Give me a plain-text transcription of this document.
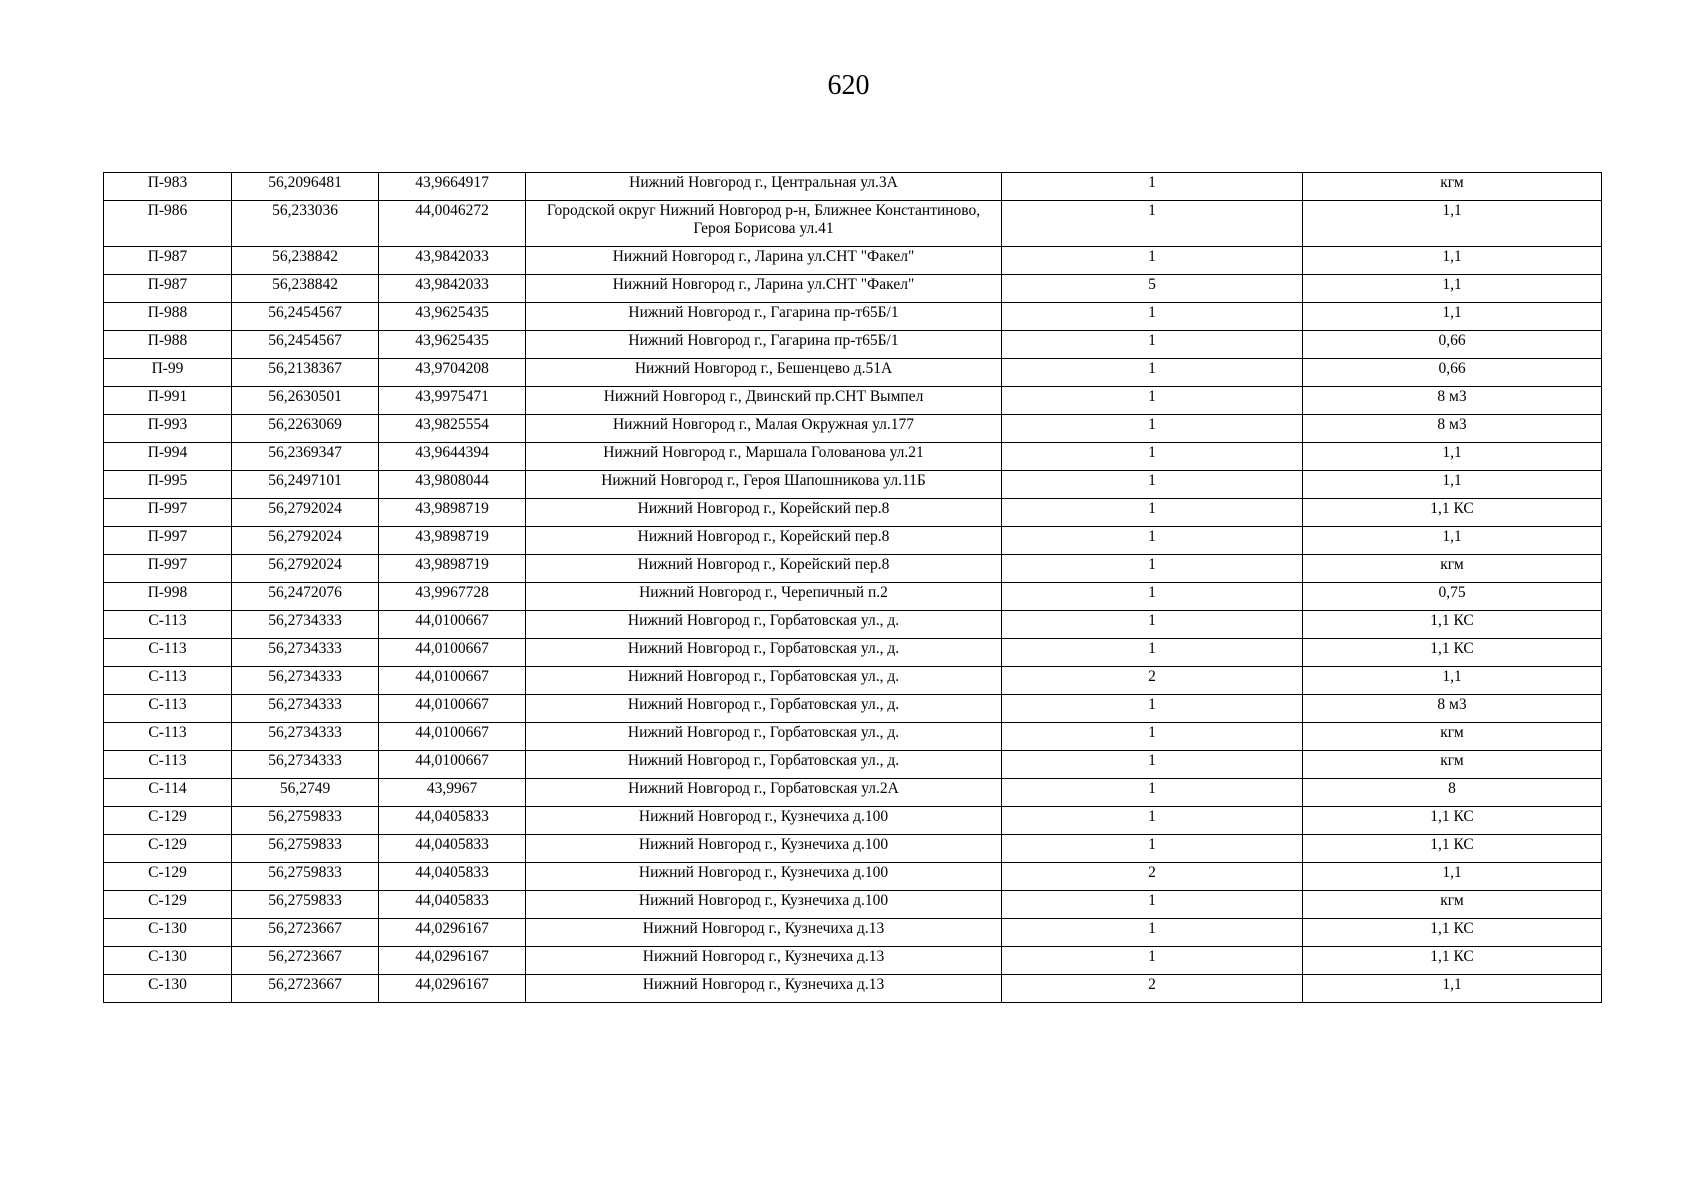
620
П-983	56,2096481	43,9664917	Нижний Новгород г., Центральная ул.3А	1	кгм
П-986	56,233036	44,0046272	Городской округ Нижний Новгород р-н, Ближнее Константиново, Героя Борисова ул.41	1	1,1
П-987	56,238842	43,9842033	Нижний Новгород г., Ларина ул.СНТ "Факел"	1	1,1
П-987	56,238842	43,9842033	Нижний Новгород г., Ларина ул.СНТ "Факел"	5	1,1
П-988	56,2454567	43,9625435	Нижний Новгород г., Гагарина пр-т65Б/1	1	1,1
П-988	56,2454567	43,9625435	Нижний Новгород г., Гагарина пр-т65Б/1	1	0,66
П-99	56,2138367	43,9704208	Нижний Новгород г., Бешенцево д.51А	1	0,66
П-991	56,2630501	43,9975471	Нижний Новгород г., Двинский пр.СНТ Вымпел	1	8 м3
П-993	56,2263069	43,9825554	Нижний Новгород г., Малая Окружная ул.177	1	8 м3
П-994	56,2369347	43,9644394	Нижний Новгород г., Маршала Голованова ул.21	1	1,1
П-995	56,2497101	43,9808044	Нижний Новгород г., Героя Шапошникова ул.11Б	1	1,1
П-997	56,2792024	43,9898719	Нижний Новгород г., Корейский пер.8	1	1,1 КС
П-997	56,2792024	43,9898719	Нижний Новгород г., Корейский пер.8	1	1,1
П-997	56,2792024	43,9898719	Нижний Новгород г., Корейский пер.8	1	кгм
П-998	56,2472076	43,9967728	Нижний Новгород г., Черепичный п.2	1	0,75
С-113	56,2734333	44,0100667	Нижний Новгород г., Горбатовская ул., д.	1	1,1 КС
С-113	56,2734333	44,0100667	Нижний Новгород г., Горбатовская ул., д.	1	1,1 КС
С-113	56,2734333	44,0100667	Нижний Новгород г., Горбатовская ул., д.	2	1,1
С-113	56,2734333	44,0100667	Нижний Новгород г., Горбатовская ул., д.	1	8 м3
С-113	56,2734333	44,0100667	Нижний Новгород г., Горбатовская ул., д.	1	кгм
С-113	56,2734333	44,0100667	Нижний Новгород г., Горбатовская ул., д.	1	кгм
С-114	56,2749	43,9967	Нижний Новгород г., Горбатовская ул.2А	1	8
С-129	56,2759833	44,0405833	Нижний Новгород г., Кузнечиха д.100	1	1,1 КС
С-129	56,2759833	44,0405833	Нижний Новгород г., Кузнечиха д.100	1	1,1 КС
С-129	56,2759833	44,0405833	Нижний Новгород г., Кузнечиха д.100	2	1,1
С-129	56,2759833	44,0405833	Нижний Новгород г., Кузнечиха д.100	1	кгм
С-130	56,2723667	44,0296167	Нижний Новгород г., Кузнечиха д.13	1	1,1 КС
С-130	56,2723667	44,0296167	Нижний Новгород г., Кузнечиха д.13	1	1,1 КС
С-130	56,2723667	44,0296167	Нижний Новгород г., Кузнечиха д.13	2	1,1
